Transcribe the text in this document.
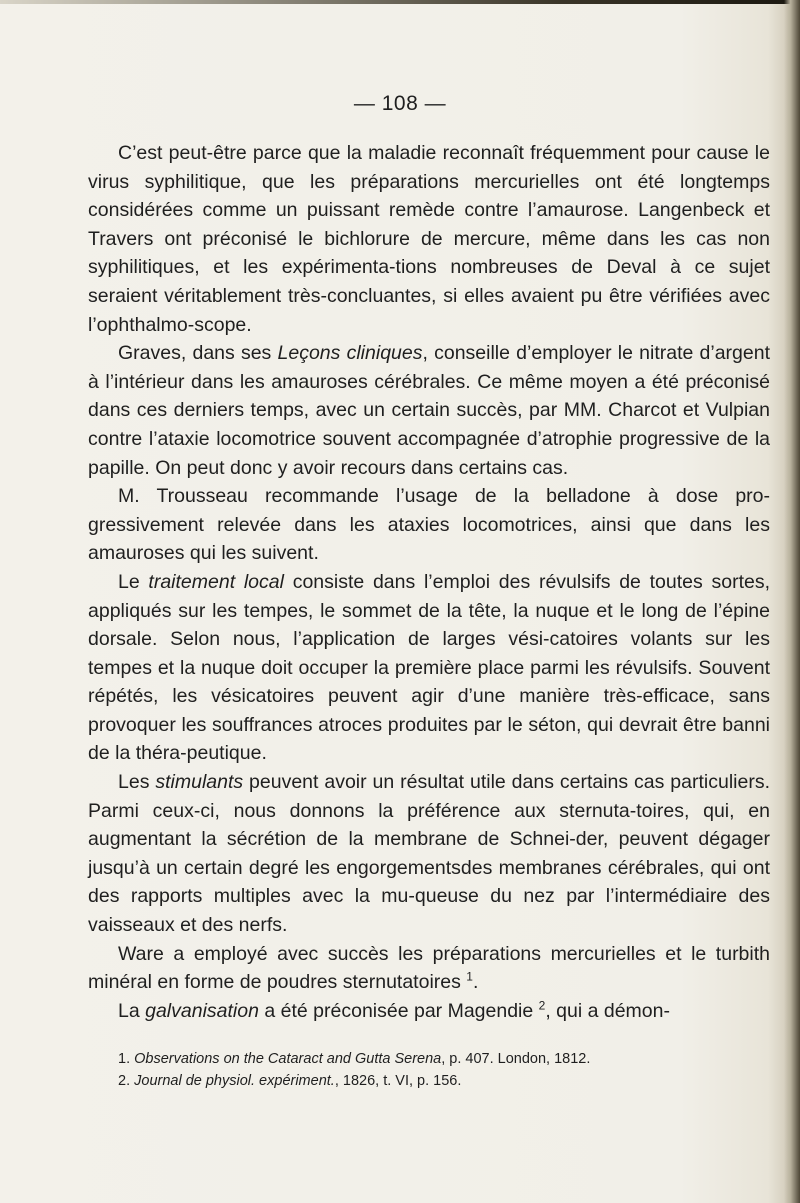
— 108 —

C’est peut-être parce que la maladie reconnaît fréquemment pour cause le virus syphilitique, que les préparations mercurielles ont été longtemps considérées comme un puissant remède contre l’amaurose. Langenbeck et Travers ont préconisé le bichlorure de mercure, même dans les cas non syphilitiques, et les expérimenta-tions nombreuses de Deval à ce sujet seraient véritablement très-concluantes, si elles avaient pu être vérifiées avec l’ophthalmo-scope.

Graves, dans ses Leçons cliniques, conseille d’employer le nitrate d’argent à l’intérieur dans les amauroses cérébrales. Ce même moyen a été préconisé dans ces derniers temps, avec un certain succès, par MM. Charcot et Vulpian contre l’ataxie locomotrice souvent accompagnée d’atrophie progressive de la papille. On peut donc y avoir recours dans certains cas.

M. Trousseau recommande l’usage de la belladone à dose pro-gressivement relevée dans les ataxies locomotrices, ainsi que dans les amauroses qui les suivent.

Le traitement local consiste dans l’emploi des révulsifs de toutes sortes, appliqués sur les tempes, le sommet de la tête, la nuque et le long de l’épine dorsale. Selon nous, l’application de larges vési-catoires volants sur les tempes et la nuque doit occuper la première place parmi les révulsifs. Souvent répétés, les vésicatoires peuvent agir d’une manière très-efficace, sans provoquer les souffrances atroces produites par le séton, qui devrait être banni de la théra-peutique.

Les stimulants peuvent avoir un résultat utile dans certains cas particuliers. Parmi ceux-ci, nous donnons la préférence aux sternuta-toires, qui, en augmentant la sécrétion de la membrane de Schnei-der, peuvent dégager jusqu’à un certain degré les engorgementsdes membranes cérébrales, qui ont des rapports multiples avec la mu-queuse du nez par l’intermédiaire des vaisseaux et des nerfs.

Ware a employé avec succès les préparations mercurielles et le turbith minéral en forme de poudres sternutatoires $^1$.

La galvanisation a été préconisée par Magendie $^2$, qui a démon-

1. Observations on the Cataract and Gutta Serena, p. 407. London, 1812.
2. Journal de physiol. expériment., 1826, t. VI, p. 156.
